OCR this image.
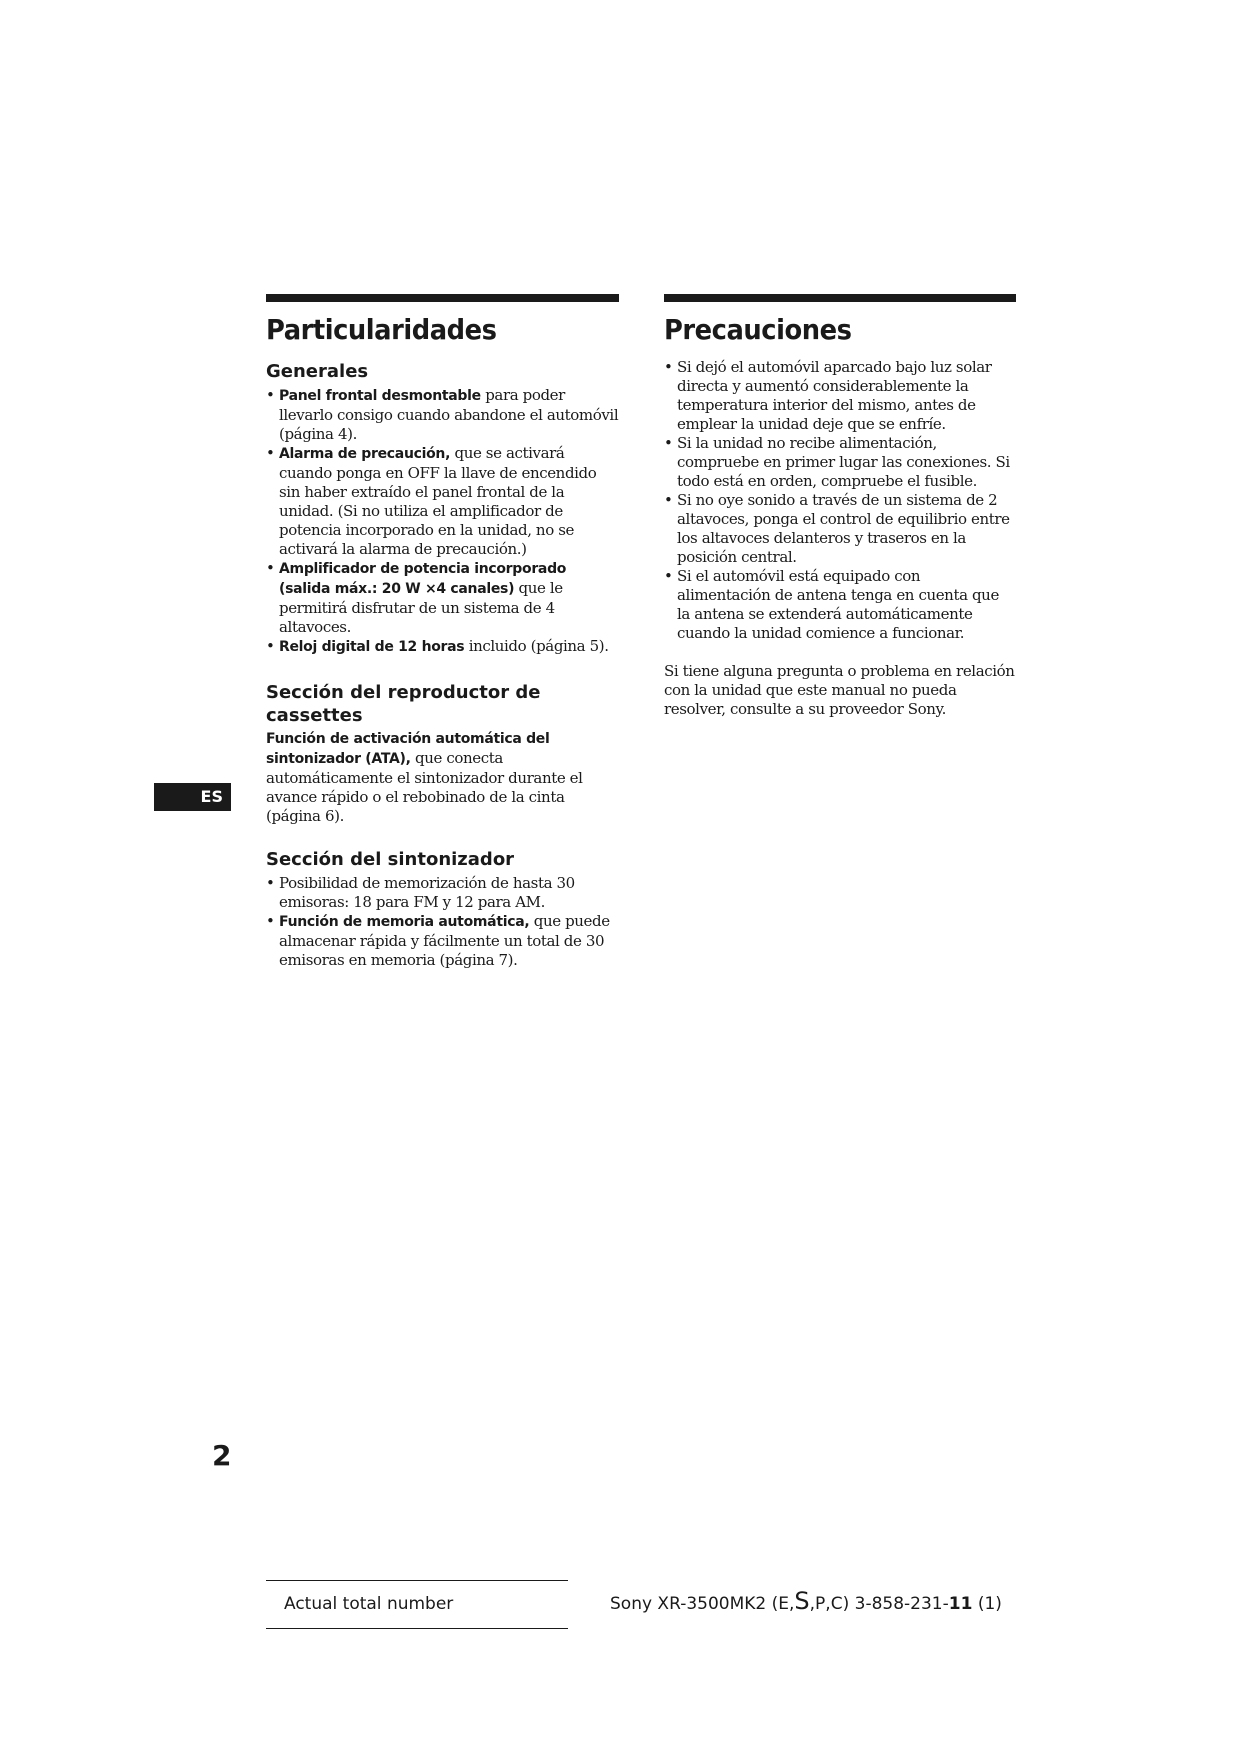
Particularidades
Generales
• Panel frontal desmontable para poder llevarlo consigo cuando abandone el automóvil (página 4).
• Alarma de precaución, que se activará cuando ponga en OFF la llave de encendido sin haber extraído el panel frontal de la unidad. (Si no utiliza el amplificador de potencia incorporado en la unidad, no se activará la alarma de precaución.)
• Amplificador de potencia incorporado (salida máx.: 20 W ×4 canales) que le permitirá disfrutar de un sistema de 4 altavoces.
• Reloj digital de 12 horas incluido (página 5).
Sección del reproductor de cassettes
Función de activación automática del sintonizador (ATA), que conecta automáticamente el sintonizador durante el avance rápido o el rebobinado de la cinta (página 6).
Sección del sintonizador
• Posibilidad de memorización de hasta 30 emisoras: 18 para FM y 12 para AM.
• Función de memoria automática, que puede almacenar rápida y fácilmente un total de 30 emisoras en memoria (página 7).
Precauciones
• Si dejó el automóvil aparcado bajo luz solar directa y aumentó considerablemente la temperatura interior del mismo, antes de emplear la unidad deje que se enfríe.
• Si la unidad no recibe alimentación, compruebe en primer lugar las conexiones. Si todo está en orden, compruebe el fusible.
• Si no oye sonido a través de un sistema de 2 altavoces, ponga el control de equilibrio entre los altavoces delanteros y traseros en la posición central.
• Si el automóvil está equipado con alimentación de antena tenga en cuenta que la antena se extenderá automáticamente cuando la unidad comience a funcionar.

Si tiene alguna pregunta o problema en relación con la unidad que este manual no pueda resolver, consulte a su proveedor Sony.

ES
2
Actual total number	Sony XR-3500MK2 (E,S,P,C) 3-858-231-11 (1)
